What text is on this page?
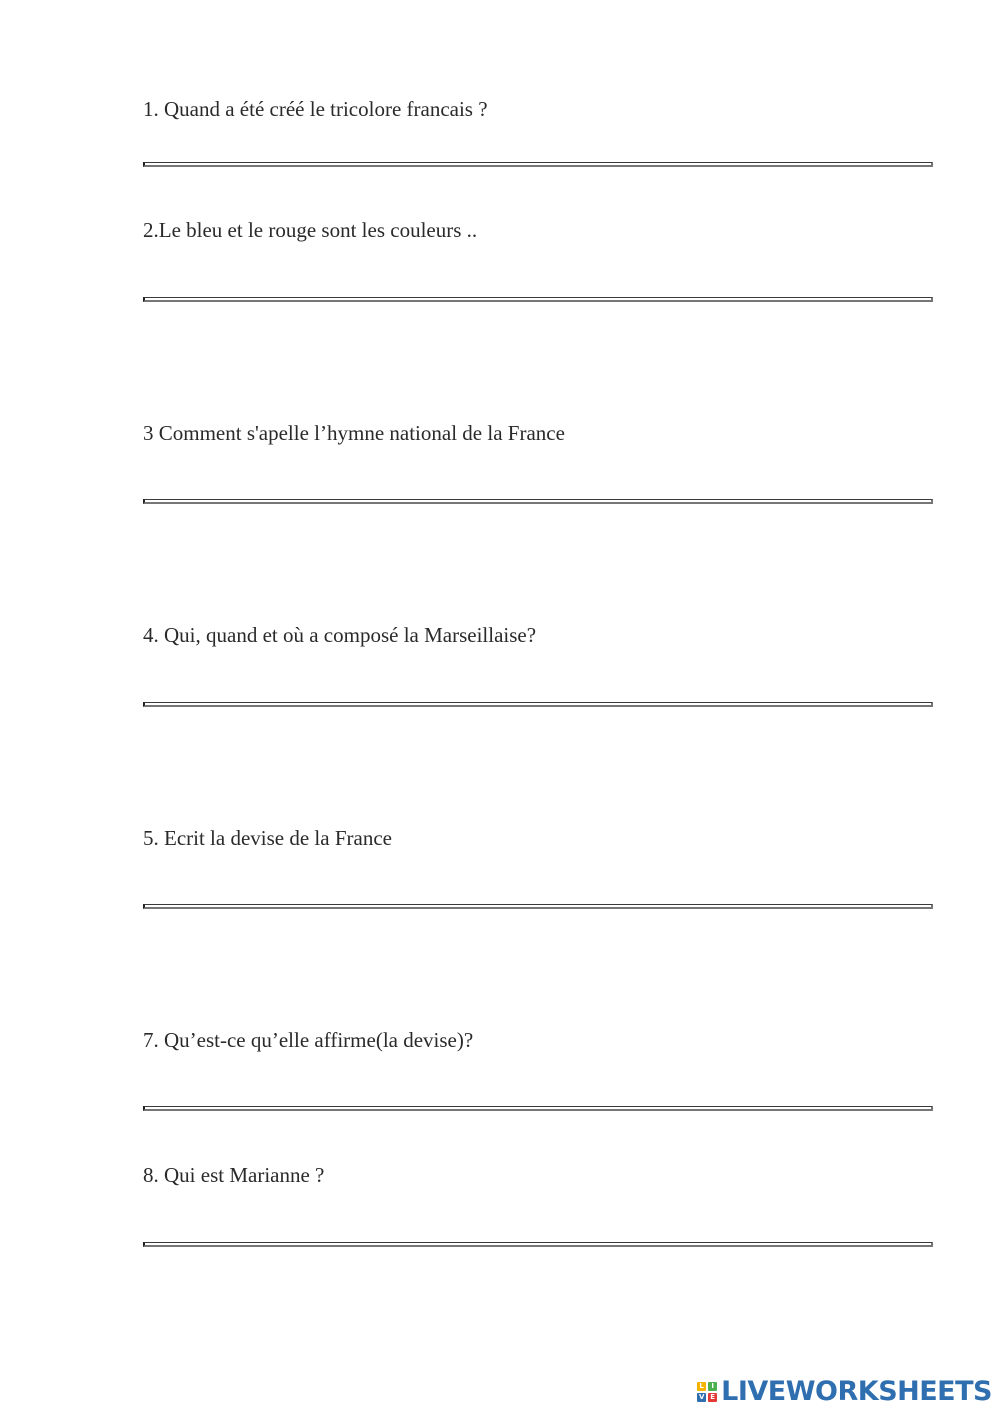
1. Quand a été créé le tricolore francais ?
2.Le bleu et le rouge sont les couleurs ..
3 Comment s'apelle l’hymne national de la France
4. Qui, quand et où a composé la Marseillaise?
5. Ecrit la devise de la France
7. Qu’est-ce qu’elle affirme(la devise)?
8. Qui est Marianne ?
L	I
V E LIVEWORKSHEETS
